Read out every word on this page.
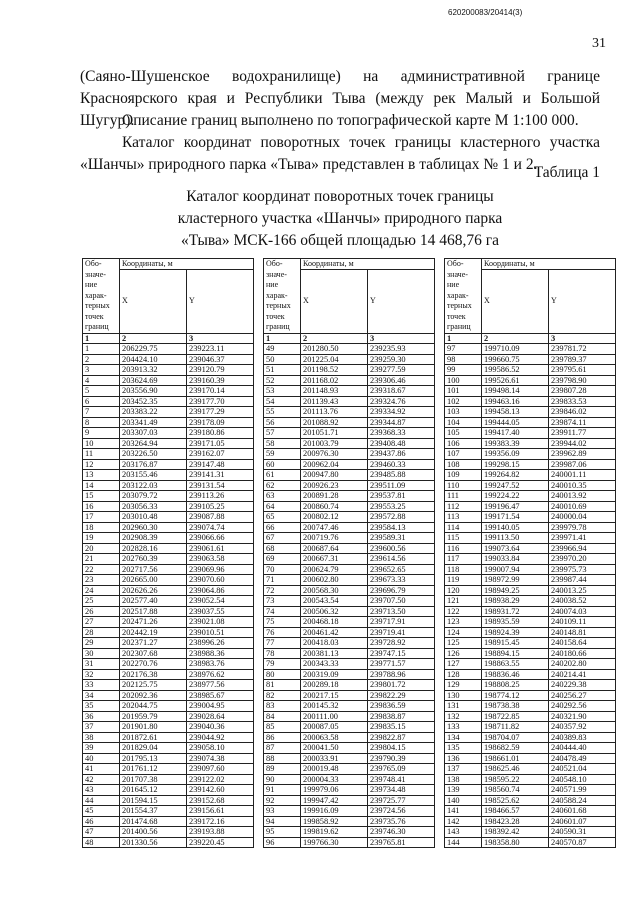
620200083/20414(3)
31
(Саяно-Шушенское водохранилище) на административной границе Красноярского края и Республики Тыва (между рек Малый и Большой Шугур).
Описание границ выполнено по топографической карте М 1:100 000.
Каталог координат поворотных точек границы кластерного участка «Шанчы» природного парка «Тыва» представлен в таблицах № 1 и 2.
Таблица 1
Каталог координат поворотных точек границы
кластерного участка «Шанчы» природного парка
«Тыва» МСК-166 общей площадью 14 468,76 га
Обо-значе-ние харак-терных точек границ	Координаты, м	
	X	Y
1	2	3
1	206229.75	239223.11
2	204424.10	239046.37
3	203913.32	239120.79
4	203624.69	239160.39
5	203556.90	239170.14
6	203452.35	239177.70
7	203383.22	239177.29
8	203341.49	239178.09
9	203307.03	239180.86
10	203264.94	239171.05
11	203226.50	239162.07
12	203176.87	239147.48
13	203155.46	239141.31
14	203122.03	239131.54
15	203079.72	239113.26
16	203056.33	239105.25
17	203010.48	239087.88
18	202960.30	239074.74
19	202908.39	239066.66
20	202828.16	239061.61
21	202760.39	239063.58
22	202717.56	239069.96
23	202665.00	239070.60
24	202626.26	239064.86
25	202577.40	239052.54
26	202517.88	239037.55
27	202471.26	239021.08
28	202442.19	239010.51
29	202371.27	238996.26
30	202307.68	238988.36
31	202270.76	238983.76
32	202176.38	238976.62
33	202125.75	238977.56
34	202092.36	238985.67
35	202044.75	239004.95
36	201959.79	239028.64
37	201901.80	239040.36
38	201872.61	239044.92
39	201829.04	239058.10
40	201795.13	239074.38
41	201761.12	239097.60
42	201707.38	239122.02
43	201645.12	239142.60
44	201594.15	239152.68
45	201554.37	239156.61
46	201474.68	239172.16
47	201400.56	239193.88
48	201330.56	239220.45
Обо-значе-ние харак-терных точек границ	Координаты, м	
	X	Y
1	2	3
49	201280.50	239235.93
50	201225.04	239259.30
51	201198.52	239277.59
52	201168.02	239306.46
53	201148.93	239318.67
54	201139.43	239324.76
55	201113.76	239334.92
56	201088.92	239344.87
57	201051.71	239368.33
58	201003.79	239408.48
59	200976.30	239437.86
60	200962.04	239460.33
61	200947.80	239485.88
62	200926.23	239511.09
63	200891.28	239537.81
64	200860.74	239553.25
65	200802.12	239572.88
66	200747.46	239584.13
67	200719.76	239589.31
68	200687.64	239600.56
69	200667.31	239614.56
70	200624.79	239652.65
71	200602.80	239673.33
72	200568.30	239696.79
73	200543.54	239707.50
74	200506.32	239713.50
75	200468.18	239717.91
76	200461.42	239719.41
77	200418.03	239728.92
78	200381.13	239747.15
79	200343.33	239771.57
80	200319.09	239788.96
81	200289.18	239801.72
82	200217.15	239822.29
83	200145.32	239836.59
84	200111.00	239838.87
85	200087.05	239835.15
86	200063.58	239822.87
87	200041.50	239804.15
88	200033.91	239790.39
89	200019.48	239765.09
90	200004.33	239748.41
91	199979.06	239734.48
92	199947.42	239725.77
93	199916.09	239724.56
94	199858.92	239735.76
95	199819.62	239746.30
96	199766.30	239765.81
Обо-значе-ние харак-терных точек границ	Координаты, м	
	X	Y
1	2	3
97	199710.09	239781.72
98	199660.75	239789.37
99	199586.52	239795.61
100	199526.61	239798.90
101	199498.14	239807.28
102	199463.16	239833.53
103	199458.13	239846.02
104	199444.05	239874.11
105	199417.40	239911.77
106	199383.39	239944.02
107	199356.09	239962.89
108	199298.15	239987.06
109	199264.82	240001.11
110	199247.52	240010.35
111	199224.22	240013.92
112	199196.47	240010.69
113	199171.54	240000.04
114	199140.05	239979.78
115	199113.50	239971.41
116	199073.64	239966.94
117	199033.84	239970.20
118	199007.94	239975.73
119	198972.99	239987.44
120	198949.25	240013.25
121	198938.29	240038.52
122	198931.72	240074.03
123	198935.59	240109.11
124	198924.39	240148.81
125	198915.45	240158.64
126	198894.15	240180.66
127	198863.55	240202.80
128	198836.46	240214.41
129	198808.25	240229.38
130	198774.12	240256.27
131	198738.38	240292.56
132	198722.85	240321.90
133	198711.82	240357.92
134	198704.07	240389.83
135	198682.59	240444.40
136	198661.01	240478.49
137	198625.46	240521.04
138	198595.22	240548.10
139	198560.74	240571.99
140	198525.62	240588.24
141	198466.57	240601.68
142	198423.28	240601.07
143	198392.42	240590.31
144	198358.80	240570.87
